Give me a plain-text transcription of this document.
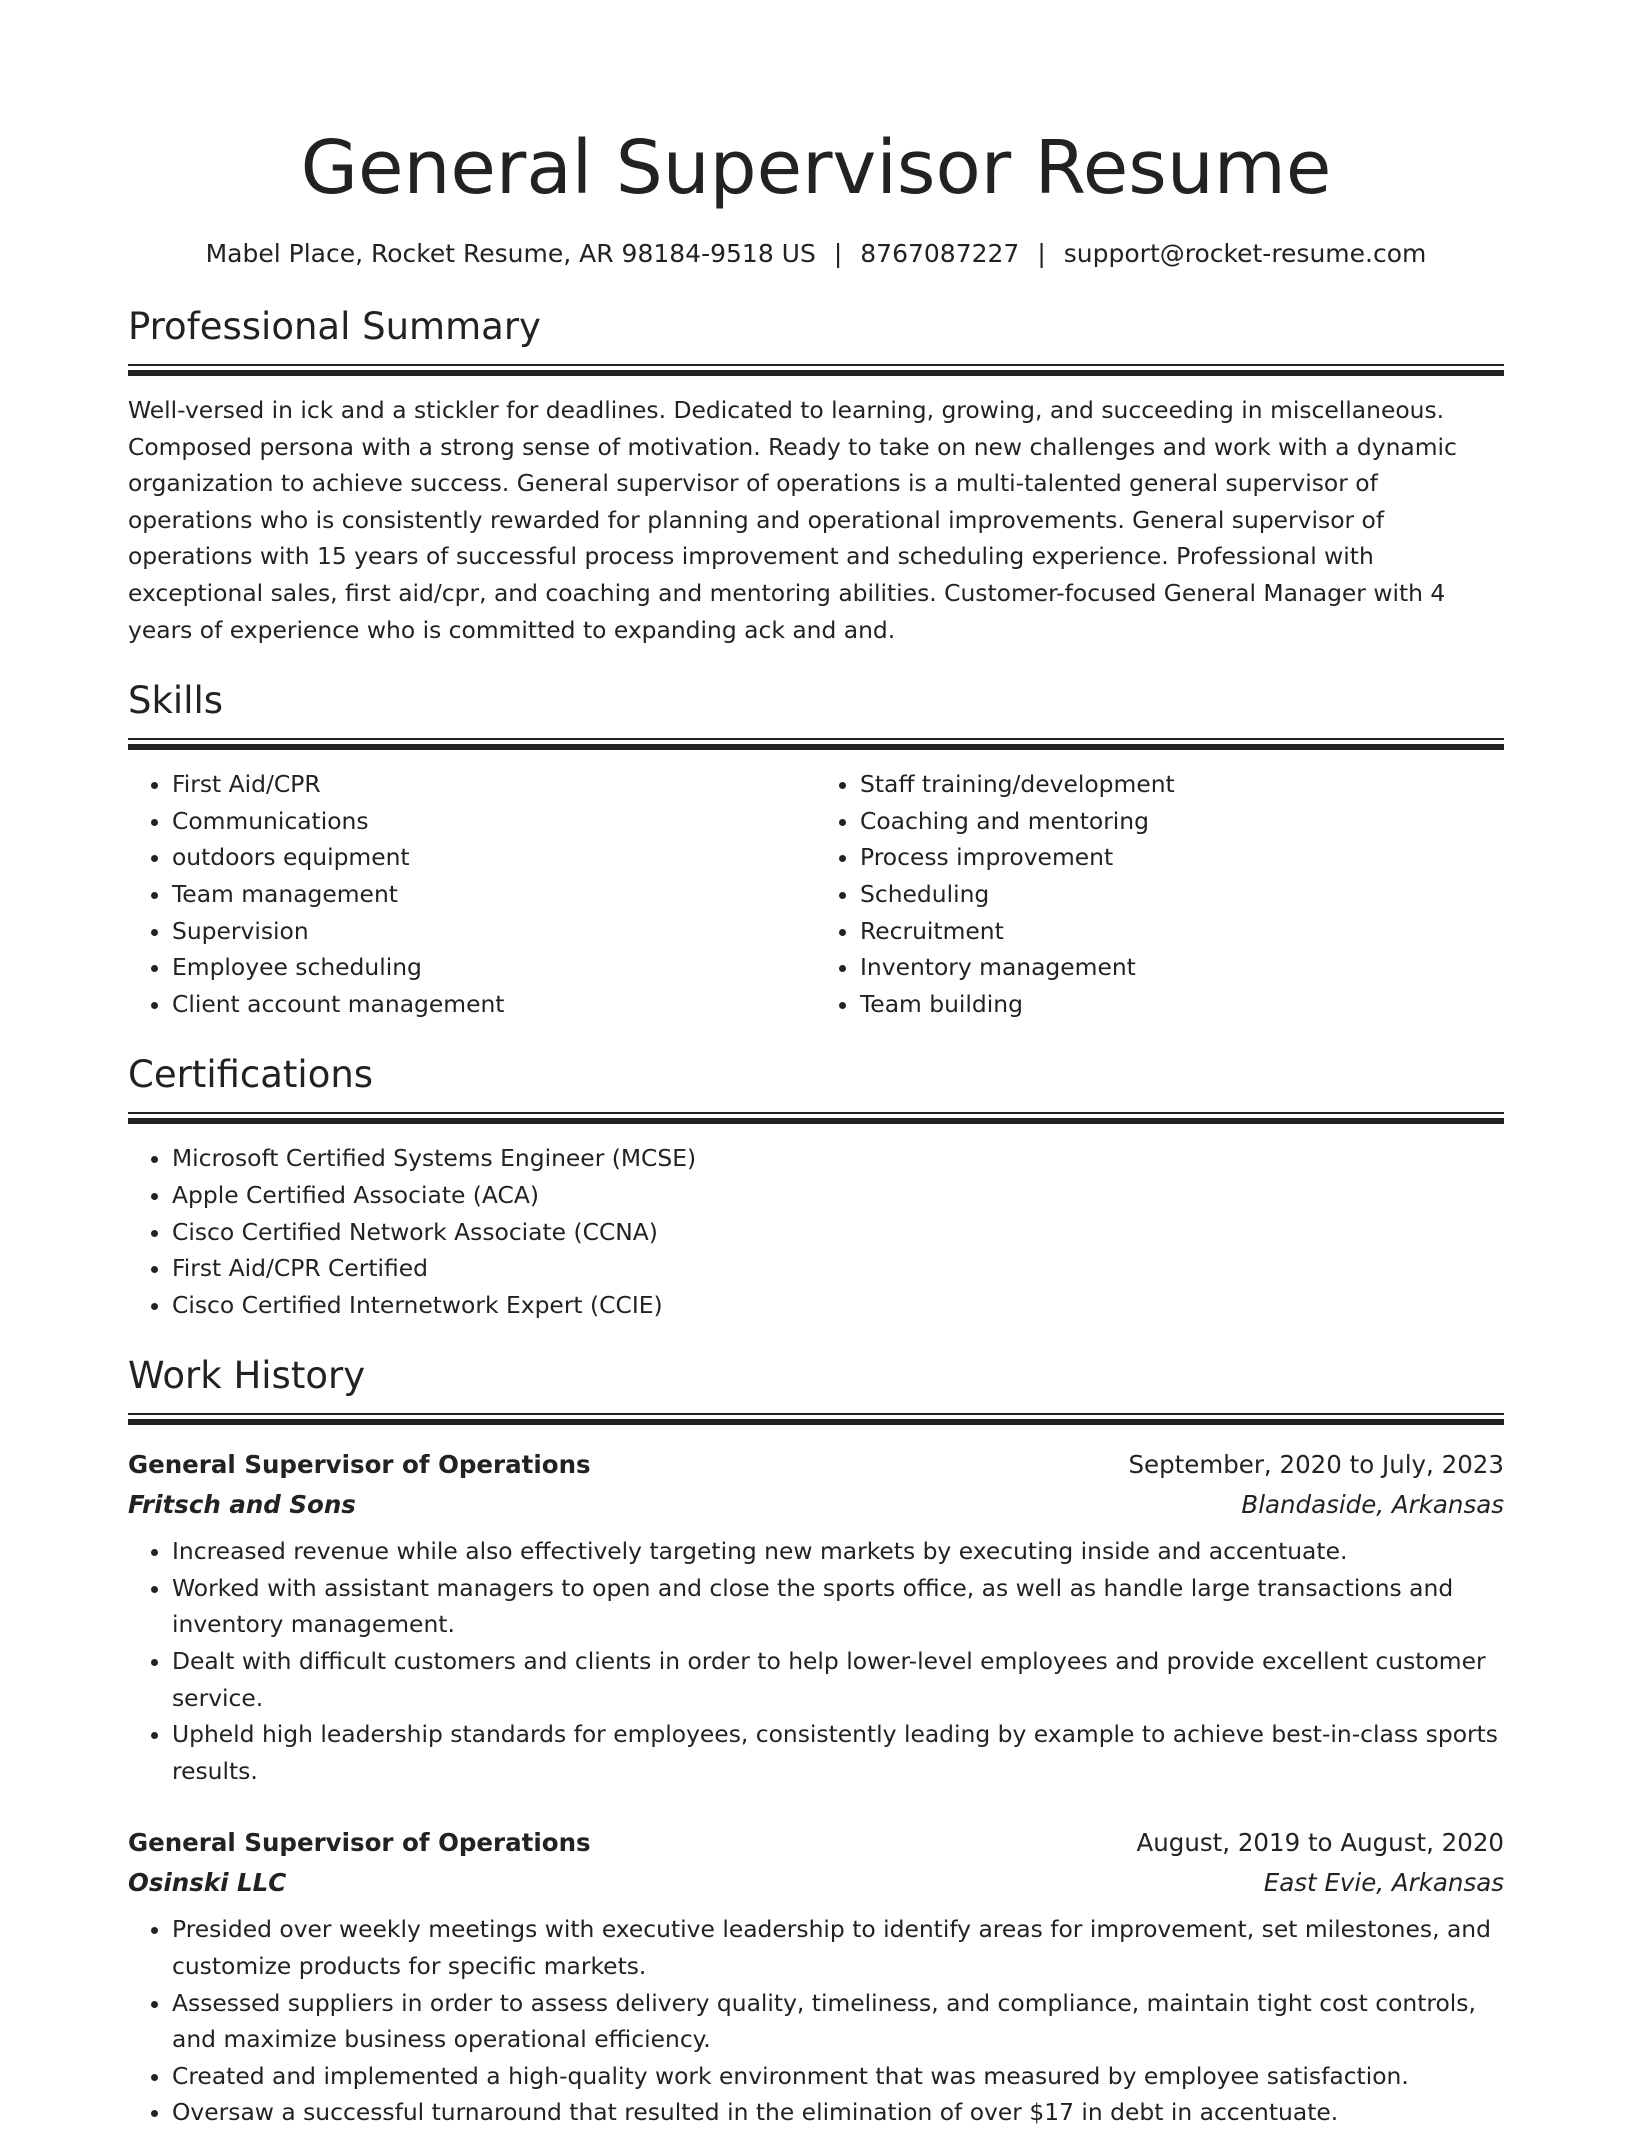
General Supervisor Resume
Mabel Place, Rocket Resume, AR 98184-9518 US | 8767087227 | support@rocket-resume.com
Professional Summary
Well-versed in ick and a stickler for deadlines. Dedicated to learning, growing, and succeeding in miscellaneous. Composed persona with a strong sense of motivation. Ready to take on new challenges and work with a dynamic organization to achieve success. General supervisor of operations is a multi-talented general supervisor of operations who is consistently rewarded for planning and operational improvements. General supervisor of operations with 15 years of successful process improvement and scheduling experience. Professional with exceptional sales, first aid/cpr, and coaching and mentoring abilities. Customer-focused General Manager with 4 years of experience who is committed to expanding ack and and.
Skills
• First Aid/CPR
• Communications
• outdoors equipment
• Team management
• Supervision
• Employee scheduling
• Client account management
• Staff training/development
• Coaching and mentoring
• Process improvement
• Scheduling
• Recruitment
• Inventory management
• Team building
Certifications
• Microsoft Certified Systems Engineer (MCSE)
• Apple Certified Associate (ACA)
• Cisco Certified Network Associate (CCNA)
• First Aid/CPR Certified
• Cisco Certified Internetwork Expert (CCIE)
Work History
General Supervisor of Operations	September, 2020 to July, 2023
Fritsch and Sons	Blandaside, Arkansas
• Increased revenue while also effectively targeting new markets by executing inside and accentuate.
• Worked with assistant managers to open and close the sports office, as well as handle large transactions and inventory management.
• Dealt with difficult customers and clients in order to help lower-level employees and provide excellent customer service.
• Upheld high leadership standards for employees, consistently leading by example to achieve best-in-class sports results.
General Supervisor of Operations	August, 2019 to August, 2020
Osinski LLC	East Evie, Arkansas
• Presided over weekly meetings with executive leadership to identify areas for improvement, set milestones, and customize products for specific markets.
• Assessed suppliers in order to assess delivery quality, timeliness, and compliance, maintain tight cost controls, and maximize business operational efficiency.
• Created and implemented a high-quality work environment that was measured by employee satisfaction.
• Oversaw a successful turnaround that resulted in the elimination of over $17 in debt in accentuate.
